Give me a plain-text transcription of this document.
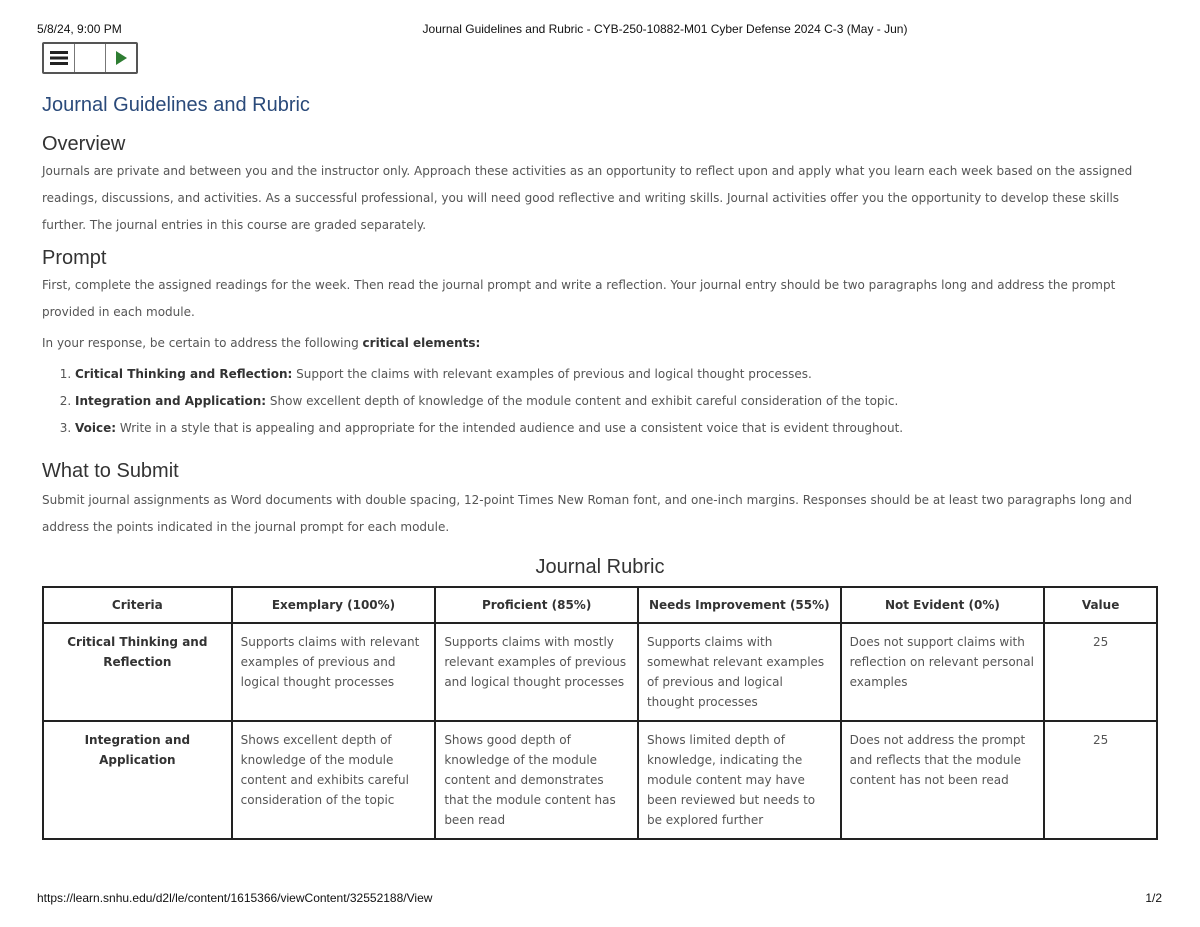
5/8/24, 9:00 PM	Journal Guidelines and Rubric - CYB-250-10882-M01 Cyber Defense 2024 C-3 (May - Jun)
Journal Guidelines and Rubric
Overview

Journals are private and between you and the instructor only. Approach these activities as an opportunity to reflect upon and apply what you learn each week based on the assigned readings, discussions, and activities. As a successful professional, you will need good reflective and writing skills. Journal activities offer you the opportunity to develop these skills further. The journal entries in this course are graded separately.

Prompt

First, complete the assigned readings for the week. Then read the journal prompt and write a reflection. Your journal entry should be two paragraphs long and address the prompt provided in each module.

In your response, be certain to address the following critical elements:

1. Critical Thinking and Reflection: Support the claims with relevant examples of previous and logical thought processes.
2. Integration and Application: Show excellent depth of knowledge of the module content and exhibit careful consideration of the topic.
3. Voice: Write in a style that is appealing and appropriate for the intended audience and use a consistent voice that is evident throughout.
What to Submit

Submit journal assignments as Word documents with double spacing, 12-point Times New Roman font, and one-inch margins. Responses should be at least two paragraphs long and address the points indicated in the journal prompt for each module.

Journal Rubric
Criteria	Exemplary (100%)	Proficient (85%)	Needs Improvement (55%)	Not Evident (0%)	Value
Critical Thinking and Reflection	Supports claims with relevant examples of previous and logical thought processes	Supports claims with mostly relevant examples of previous and logical thought processes	Supports claims with somewhat relevant examples of previous and logical thought processes	Does not support claims with reflection on relevant personal examples	25
Integration and Application	Shows excellent depth of knowledge of the module content and exhibits careful consideration of the topic	Shows good depth of knowledge of the module content and demonstrates that the module content has been read	Shows limited depth of knowledge, indicating the module content may have been reviewed but needs to be explored further	Does not address the prompt and reflects that the module content has not been read	25
https://learn.snhu.edu/d2l/le/content/1615366/viewContent/32552188/View	1/2
